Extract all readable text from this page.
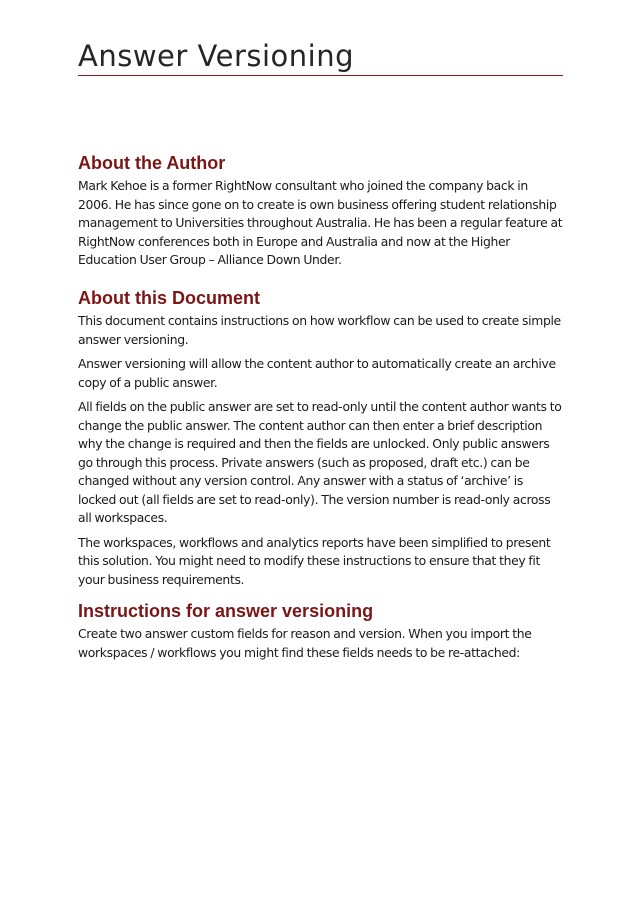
Answer Versioning
About the Author

Mark Kehoe is a former RightNow consultant who joined the company back in 2006. He has since gone on to create is own business offering student relationship management to Universities throughout Australia. He has been a regular feature at RightNow conferences both in Europe and Australia and now at the Higher Education User Group – Alliance Down Under.

About this Document

This document contains instructions on how workflow can be used to create simple answer versioning.

Answer versioning will allow the content author to automatically create an archive copy of a public answer.

All fields on the public answer are set to read-only until the content author wants to change the public answer. The content author can then enter a brief description why the change is required and then the fields are unlocked. Only public answers go through this process. Private answers (such as proposed, draft etc.) can be changed without any version control. Any answer with a status of ‘archive’ is locked out (all fields are set to read-only). The version number is read-only across all workspaces.

The workspaces, workflows and analytics reports have been simplified to present this solution. You might need to modify these instructions to ensure that they fit your business requirements.

Instructions for answer versioning

Create two answer custom fields for reason and version. When you import the workspaces / workflows you might find these fields needs to be re-attached:
